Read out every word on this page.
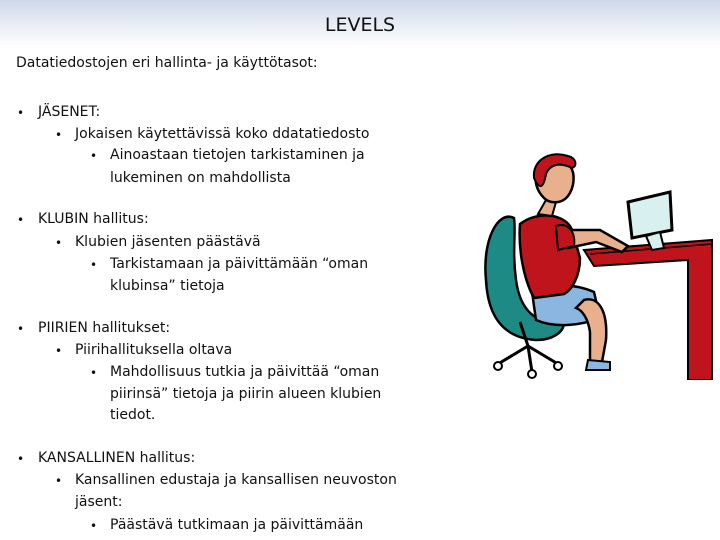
LEVELS
Datatiedostojen eri hallinta- ja käyttötasot:
• JÄSENET:
• Jokaisen käytettävissä koko ddatatiedosto
• Ainoastaan tietojen tarkistaminen ja
lukeminen on mahdollista
• KLUBIN hallitus:
• Klubien jäsenten päästävä
• Tarkistamaan ja päivittämään “oman
klubinsa” tietoja
• PIIRIEN hallitukset:
• Piirihallituksella oltava
• Mahdollisuus tutkia ja päivittää “oman
piirinsä” tietoja ja piirin alueen klubien
tiedot.
• KANSALLINEN hallitus:
• Kansallinen edustaja ja kansallisen neuvoston
jäsent:
• Päästävä tutkimaan ja päivittämään
